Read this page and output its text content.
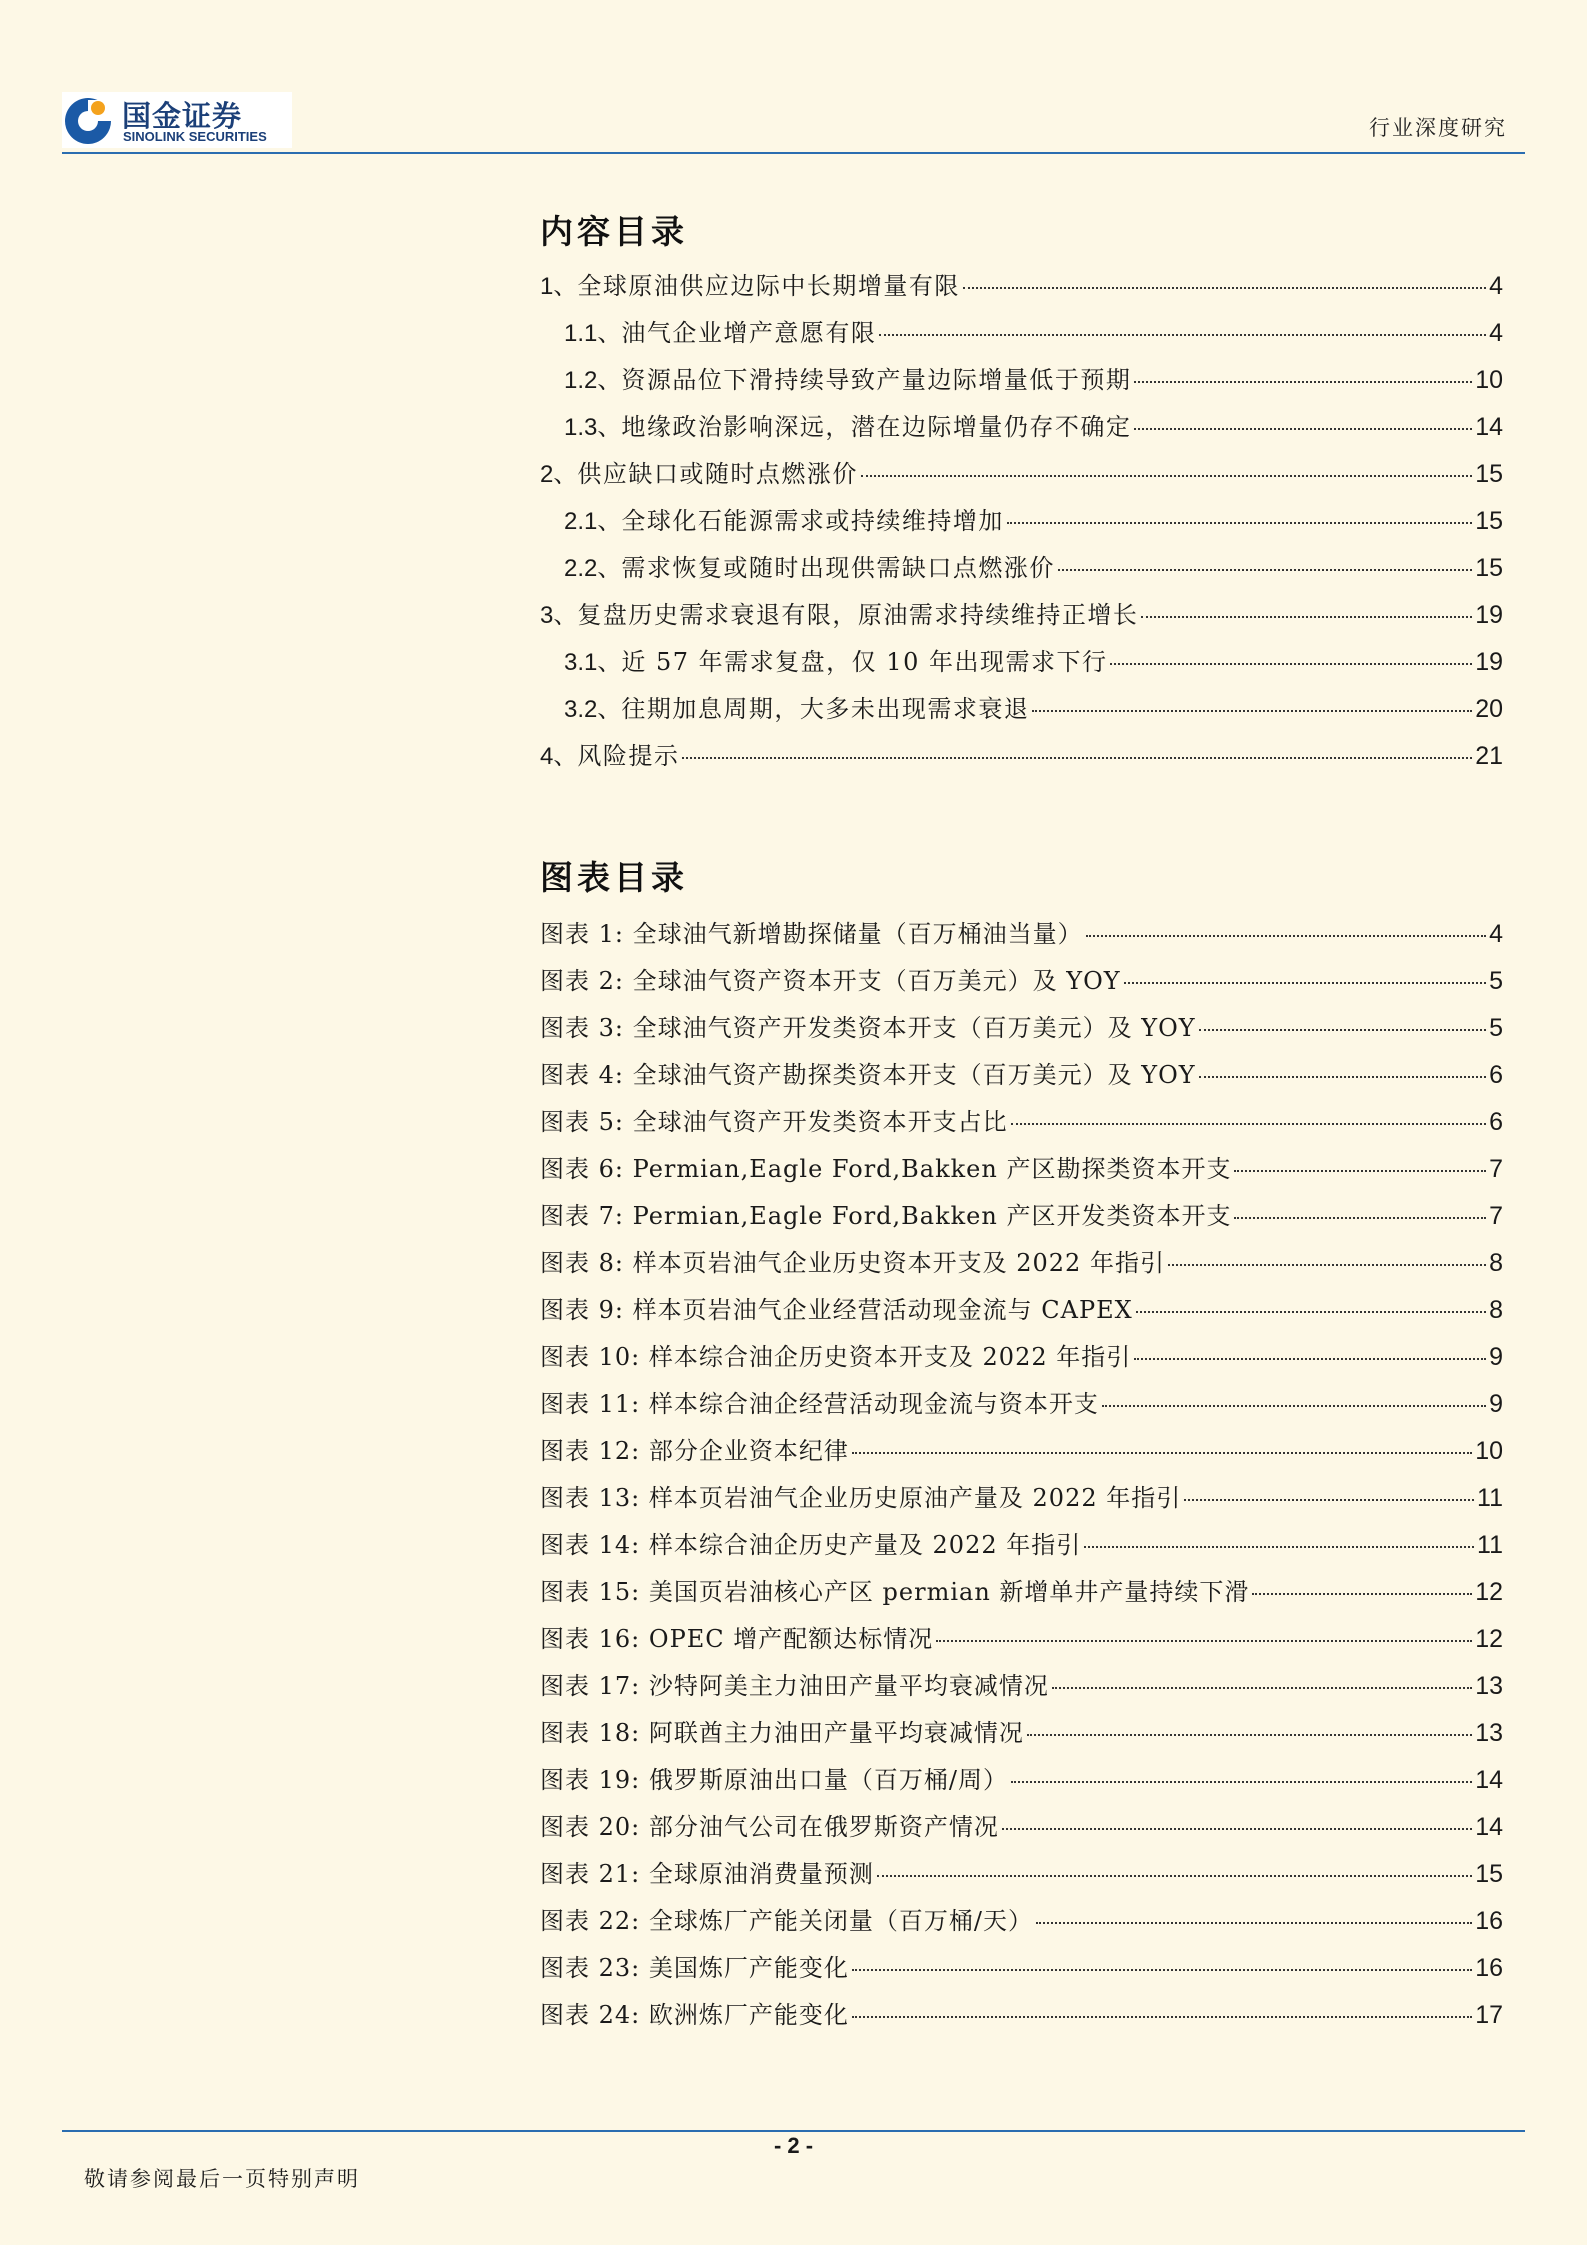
国金证券
SINOLINK SECURITIES	行业深度研究
内容目录
1、全球原油供应边际中长期增量有限	4
1.1、油气企业增产意愿有限	4
1.2、资源品位下滑持续导致产量边际增量低于预期	10
1.3、地缘政治影响深远，潜在边际增量仍存不确定	14
2、供应缺口或随时点燃涨价	15
2.1、全球化石能源需求或持续维持增加	15
2.2、需求恢复或随时出现供需缺口点燃涨价	15
3、复盘历史需求衰退有限，原油需求持续维持正增长	19
3.1、近 57 年需求复盘，仅 10 年出现需求下行	19
3.2、往期加息周期，大多未出现需求衰退	20
4、风险提示	21
图表目录
图表 1: 全球油气新增勘探储量（百万桶油当量）	4
图表 2: 全球油气资产资本开支（百万美元）及 YOY	5
图表 3: 全球油气资产开发类资本开支（百万美元）及 YOY	5
图表 4: 全球油气资产勘探类资本开支（百万美元）及 YOY	6
图表 5: 全球油气资产开发类资本开支占比	6
图表 6: Permian,Eagle Ford,Bakken 产区勘探类资本开支	7
图表 7: Permian,Eagle Ford,Bakken 产区开发类资本开支	7
图表 8: 样本页岩油气企业历史资本开支及 2022 年指引	8
图表 9: 样本页岩油气企业经营活动现金流与 CAPEX	8
图表 10: 样本综合油企历史资本开支及 2022 年指引	9
图表 11: 样本综合油企经营活动现金流与资本开支	9
图表 12: 部分企业资本纪律	10
图表 13: 样本页岩油气企业历史原油产量及 2022 年指引	11
图表 14: 样本综合油企历史产量及 2022 年指引	11
图表 15: 美国页岩油核心产区 permian 新增单井产量持续下滑	12
图表 16: OPEC 增产配额达标情况	12
图表 17: 沙特阿美主力油田产量平均衰减情况	13
图表 18: 阿联酋主力油田产量平均衰减情况	13
图表 19: 俄罗斯原油出口量（百万桶/周）	14
图表 20: 部分油气公司在俄罗斯资产情况	14
图表 21: 全球原油消费量预测	15
图表 22: 全球炼厂产能关闭量（百万桶/天）	16
图表 23: 美国炼厂产能变化	16
图表 24: 欧洲炼厂产能变化	17
- 2 -
敬请参阅最后一页特别声明
